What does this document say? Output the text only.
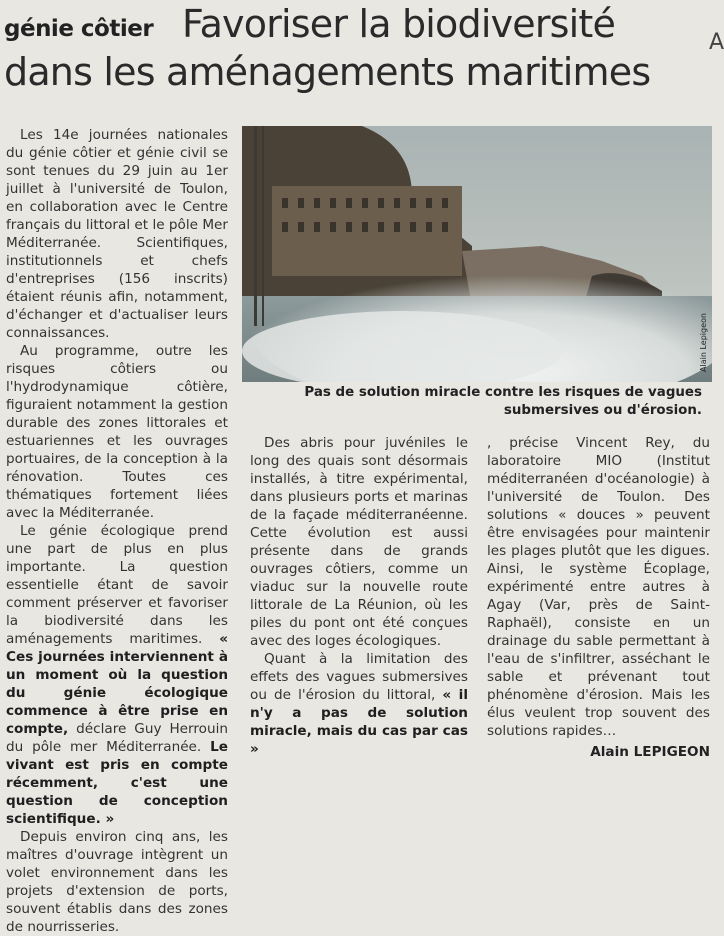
A
génie côtier Favoriser la biodiversité
dans les aménagements maritimes

Les 14e journées nationales du génie côtier et génie civil se sont tenues du 29 juin au 1er juillet à l'université de Toulon, en collaboration avec le Centre français du littoral et le pôle Mer Méditerranée. Scientifiques, institutionnels et chefs d'entreprises (156 inscrits) étaient réunis afin, notamment, d'échanger et d'actualiser leurs connaissances.

Au programme, outre les risques côtiers ou l'hydrodynamique côtière, figuraient notamment la gestion durable des zones littorales et estuariennes et les ouvrages portuaires, de la conception à la rénovation. Toutes ces thématiques fortement liées avec la Méditerranée.

Le génie écologique prend une part de plus en plus importante. La question essentielle étant de savoir comment préserver et favoriser la biodiversité dans les aménagements maritimes. « Ces journées interviennent à un moment où la question du génie écologique commence à être prise en compte, déclare Guy Herrouin du pôle mer Méditerranée. Le vivant est pris en compte récemment, c'est une question de conception scientifique. »

Depuis environ cinq ans, les maîtres d'ouvrage intègrent un volet environnement dans les projets d'extension de ports, souvent établis dans des zones de nourrisseries.

Alain Lepigeon
Pas de solution miracle contre les risques de vagues submersives ou d'érosion.

Des abris pour juvéniles le long des quais sont désormais installés, à titre expérimental, dans plusieurs ports et marinas de la façade méditerranéenne. Cette évolution est aussi présente dans de grands ouvrages côtiers, comme un viaduc sur la nouvelle route littorale de La Réunion, où les piles du pont ont été conçues avec des loges écologiques.

Quant à la limitation des effets des vagues submersives ou de l'érosion du littoral, « il n'y a pas de solution miracle, mais du cas par cas »

, précise Vincent Rey, du laboratoire MIO (Institut méditerranéen d'océanologie) à l'université de Toulon. Des solutions « douces » peuvent être envisagées pour maintenir les plages plutôt que les digues. Ainsi, le système Écoplage, expérimenté entre autres à Agay (Var, près de Saint-Raphaël), consiste en un drainage du sable permettant à l'eau de s'infiltrer, asséchant le sable et prévenant tout phénomène d'érosion. Mais les élus veulent trop souvent des solutions rapides…

Alain LEPIGEON
